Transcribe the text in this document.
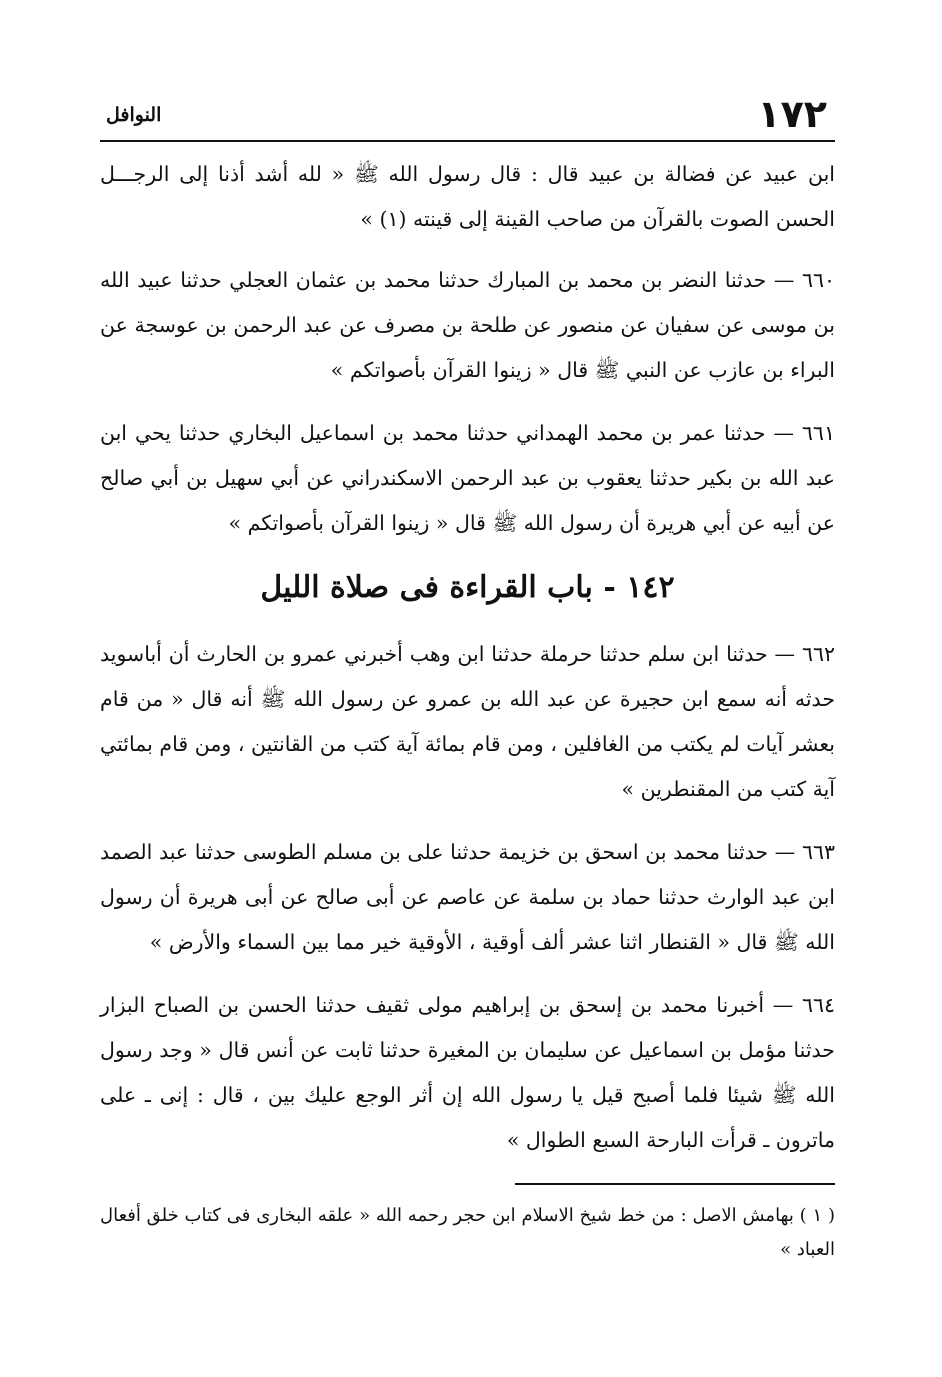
١٧٢
النوافل

ابن عبيد عن فضالة بن عبيد قال : قال رسول الله ﷺ « لله أشد أذنا إلى الرجـــل الحسن الصوت بالقرآن من صاحب القينة إلى قينته (١) »

٦٦٠ — حدثنا النضر بن محمد بن المبارك حدثنا محمد بن عثمان العجلي حدثنا عبيد الله بن موسى عن سفيان عن منصور عن طلحة بن مصرف عن عبد الرحمن بن عوسجة عن البراء بن عازب عن النبي ﷺ قال « زينوا القرآن بأصواتكم »

٦٦١ — حدثنا عمر بن محمد الهمداني حدثنا محمد بن اسماعيل البخاري حدثنا يحي ابن عبد الله بن بكير حدثنا يعقوب بن عبد الرحمن الاسكندراني عن أبي سهيل بن أبي صالح عن أبيه عن أبي هريرة أن رسول الله ﷺ قال « زينوا القرآن بأصواتكم »

١٤٢ - باب القراءة فى صلاة الليل

٦٦٢ — حدثنا ابن سلم حدثنا حرملة حدثنا ابن وهب أخبرني عمرو بن الحارث أن أباسويد حدثه أنه سمع ابن حجيرة عن عبد الله بن عمرو عن رسول الله ﷺ أنه قال « من قام بعشر آيات لم يكتب من الغافلين ، ومن قام بمائة آية كتب من القانتين ، ومن قام بمائتي آية كتب من المقنطرين »

٦٦٣ — حدثنا محمد بن اسحق بن خزيمة حدثنا على بن مسلم الطوسى حدثنا عبد الصمد ابن عبد الوارث حدثنا حماد بن سلمة عن عاصم عن أبى صالح عن أبى هريرة أن رسول الله ﷺ قال « القنطار اثنا عشر ألف أوقية ، الأوقية خير مما بين السماء والأرض »

٦٦٤ — أخبرنا محمد بن إسحق بن إبراهيم مولى ثقيف حدثنا الحسن بن الصباح البزار حدثنا مؤمل بن اسماعيل عن سليمان بن المغيرة حدثنا ثابت عن أنس قال « وجد رسول الله ﷺ شيئا فلما أصبح قيل يا رسول الله إن أثر الوجع عليك بين ، قال : إنى ـ على ماترون ـ قرأت البارحة السبع الطوال »

( ١ ) بهامش الاصل : من خط شيخ الاسلام ابن حجر رحمه الله « علقه البخارى فى كتاب خلق أفعال العباد »
